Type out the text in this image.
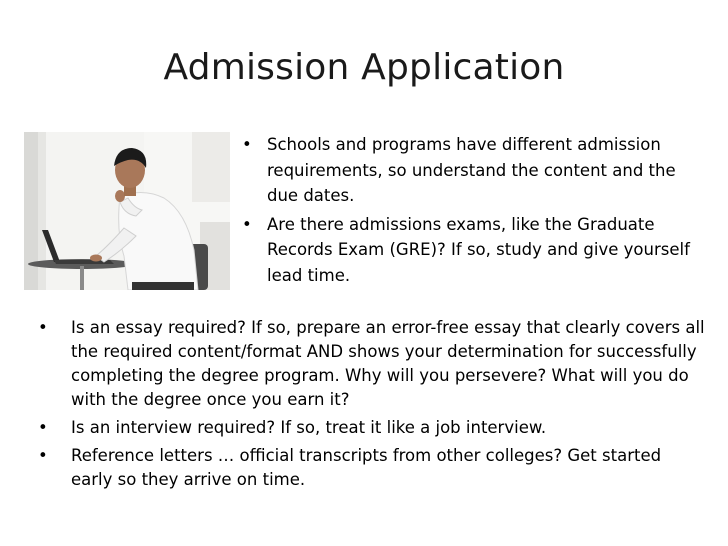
Admission Application
• Schools and programs have different admission requirements, so understand the content and the due dates.
• Are there admissions exams, like the Graduate Records Exam (GRE)? If so, study and give yourself lead time.
• Is an essay required? If so, prepare an error-free essay that clearly covers all the required content/format AND shows your determination for successfully completing the degree program. Why will you persevere? What will you do with the degree once you earn it?
• Is an interview required? If so, treat it like a job interview.
• Reference letters … official transcripts from other colleges? Get started early so they arrive on time.
